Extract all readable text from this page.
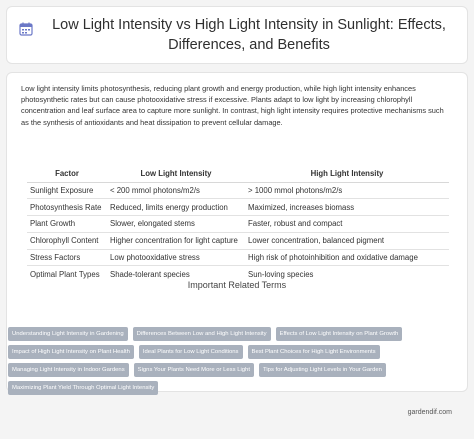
Low Light Intensity vs High Light Intensity in Sunlight: Effects, Differences, and Benefits

Low light intensity limits photosynthesis, reducing plant growth and energy production, while high light intensity enhances photosynthetic rates but can cause photooxidative stress if excessive. Plants adapt to low light by increasing chlorophyll concentration and leaf surface area to capture more sunlight. In contrast, high light intensity requires protective mechanisms such as the synthesis of antioxidants and heat dissipation to prevent cellular damage.

Factor	Low Light Intensity	High Light Intensity
Sunlight Exposure	< 200 mmol photons/m2/s	> 1000 mmol photons/m2/s
Photosynthesis Rate	Reduced, limits energy production	Maximized, increases biomass
Plant Growth	Slower, elongated stems	Faster, robust and compact
Chlorophyll Content	Higher concentration for light capture	Lower concentration, balanced pigment
Stress Factors	Low photooxidative stress	High risk of photoinhibition and oxidative damage
Optimal Plant Types	Shade-tolerant species	Sun-loving species
Important Related Terms
Understanding Light Intensity in Gardening	Differences Between Low and High Light Intensity	Effects of Low Light Intensity on Plant Growth
Impact of High Light Intensity on Plant Health	Ideal Plants for Low Light Conditions	Best Plant Choices for High Light Environments
Managing Light Intensity in Indoor Gardens	Signs Your Plants Need More or Less Light	Tips for Adjusting Light Levels in Your Garden
Maximizing Plant Yield Through Optimal Light Intensity
gardendif.com
